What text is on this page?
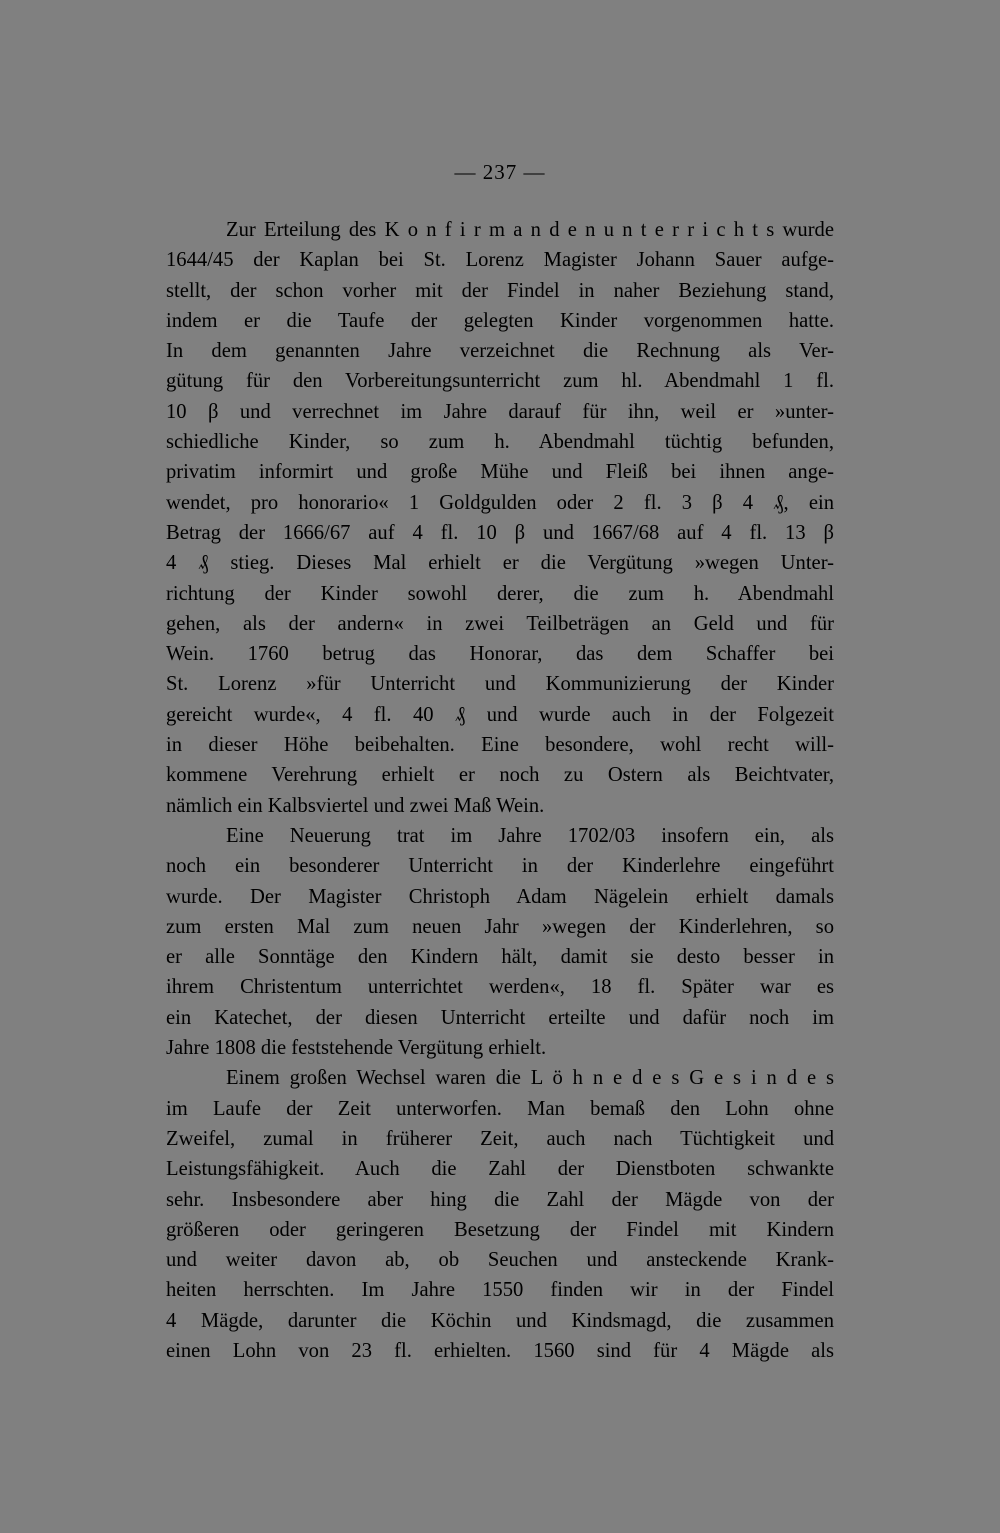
— 237 —
Zur Erteilung des K o n f i r m a n d e n u n t e r r i c h t s wurde
1644/45 der Kaplan bei St. Lorenz Magister Johann Sauer aufge-
stellt, der schon vorher mit der Findel in naher Beziehung stand,
indem er die Taufe der gelegten Kinder vorgenommen hatte.
In dem genannten Jahre verzeichnet die Rechnung als Ver-
gütung für den Vorbereitungsunterricht zum hl. Abendmahl 1 fl.
10 β und verrechnet im Jahre darauf für ihn, weil er »unter-
schiedliche Kinder, so zum h. Abendmahl tüchtig befunden,
privatim informirt und große Mühe und Fleiß bei ihnen ange-
wendet, pro honorario« 1 Goldgulden oder 2 fl. 3 β 4 ₰, ein
Betrag der 1666/67 auf 4 fl. 10 β und 1667/68 auf 4 fl. 13 β
4 ₰ stieg. Dieses Mal erhielt er die Vergütung »wegen Unter-
richtung der Kinder sowohl derer, die zum h. Abendmahl
gehen, als der andern« in zwei Teilbeträgen an Geld und für
Wein. 1760 betrug das Honorar, das dem Schaffer bei
St. Lorenz »für Unterricht und Kommunizierung der Kinder
gereicht wurde«, 4 fl. 40 ₰ und wurde auch in der Folgezeit
in dieser Höhe beibehalten. Eine besondere, wohl recht will-
kommene Verehrung erhielt er noch zu Ostern als Beichtvater,
nämlich ein Kalbsviertel und zwei Maß Wein.
Eine Neuerung trat im Jahre 1702/03 insofern ein, als
noch ein besonderer Unterricht in der Kinderlehre eingeführt
wurde. Der Magister Christoph Adam Nägelein erhielt damals
zum ersten Mal zum neuen Jahr »wegen der Kinderlehren, so
er alle Sonntäge den Kindern hält, damit sie desto besser in
ihrem Christentum unterrichtet werden«, 18 fl. Später war es
ein Katechet, der diesen Unterricht erteilte und dafür noch im
Jahre 1808 die feststehende Vergütung erhielt.
Einem großen Wechsel waren die L ö h n e d e s G e s i n d e s
im Laufe der Zeit unterworfen. Man bemaß den Lohn ohne
Zweifel, zumal in früherer Zeit, auch nach Tüchtigkeit und
Leistungsfähigkeit. Auch die Zahl der Dienstboten schwankte
sehr. Insbesondere aber hing die Zahl der Mägde von der
größeren oder geringeren Besetzung der Findel mit Kindern
und weiter davon ab, ob Seuchen und ansteckende Krank-
heiten herrschten. Im Jahre 1550 finden wir in der Findel
4 Mägde, darunter die Köchin und Kindsmagd, die zusammen
einen Lohn von 23 fl. erhielten. 1560 sind für 4 Mägde als
